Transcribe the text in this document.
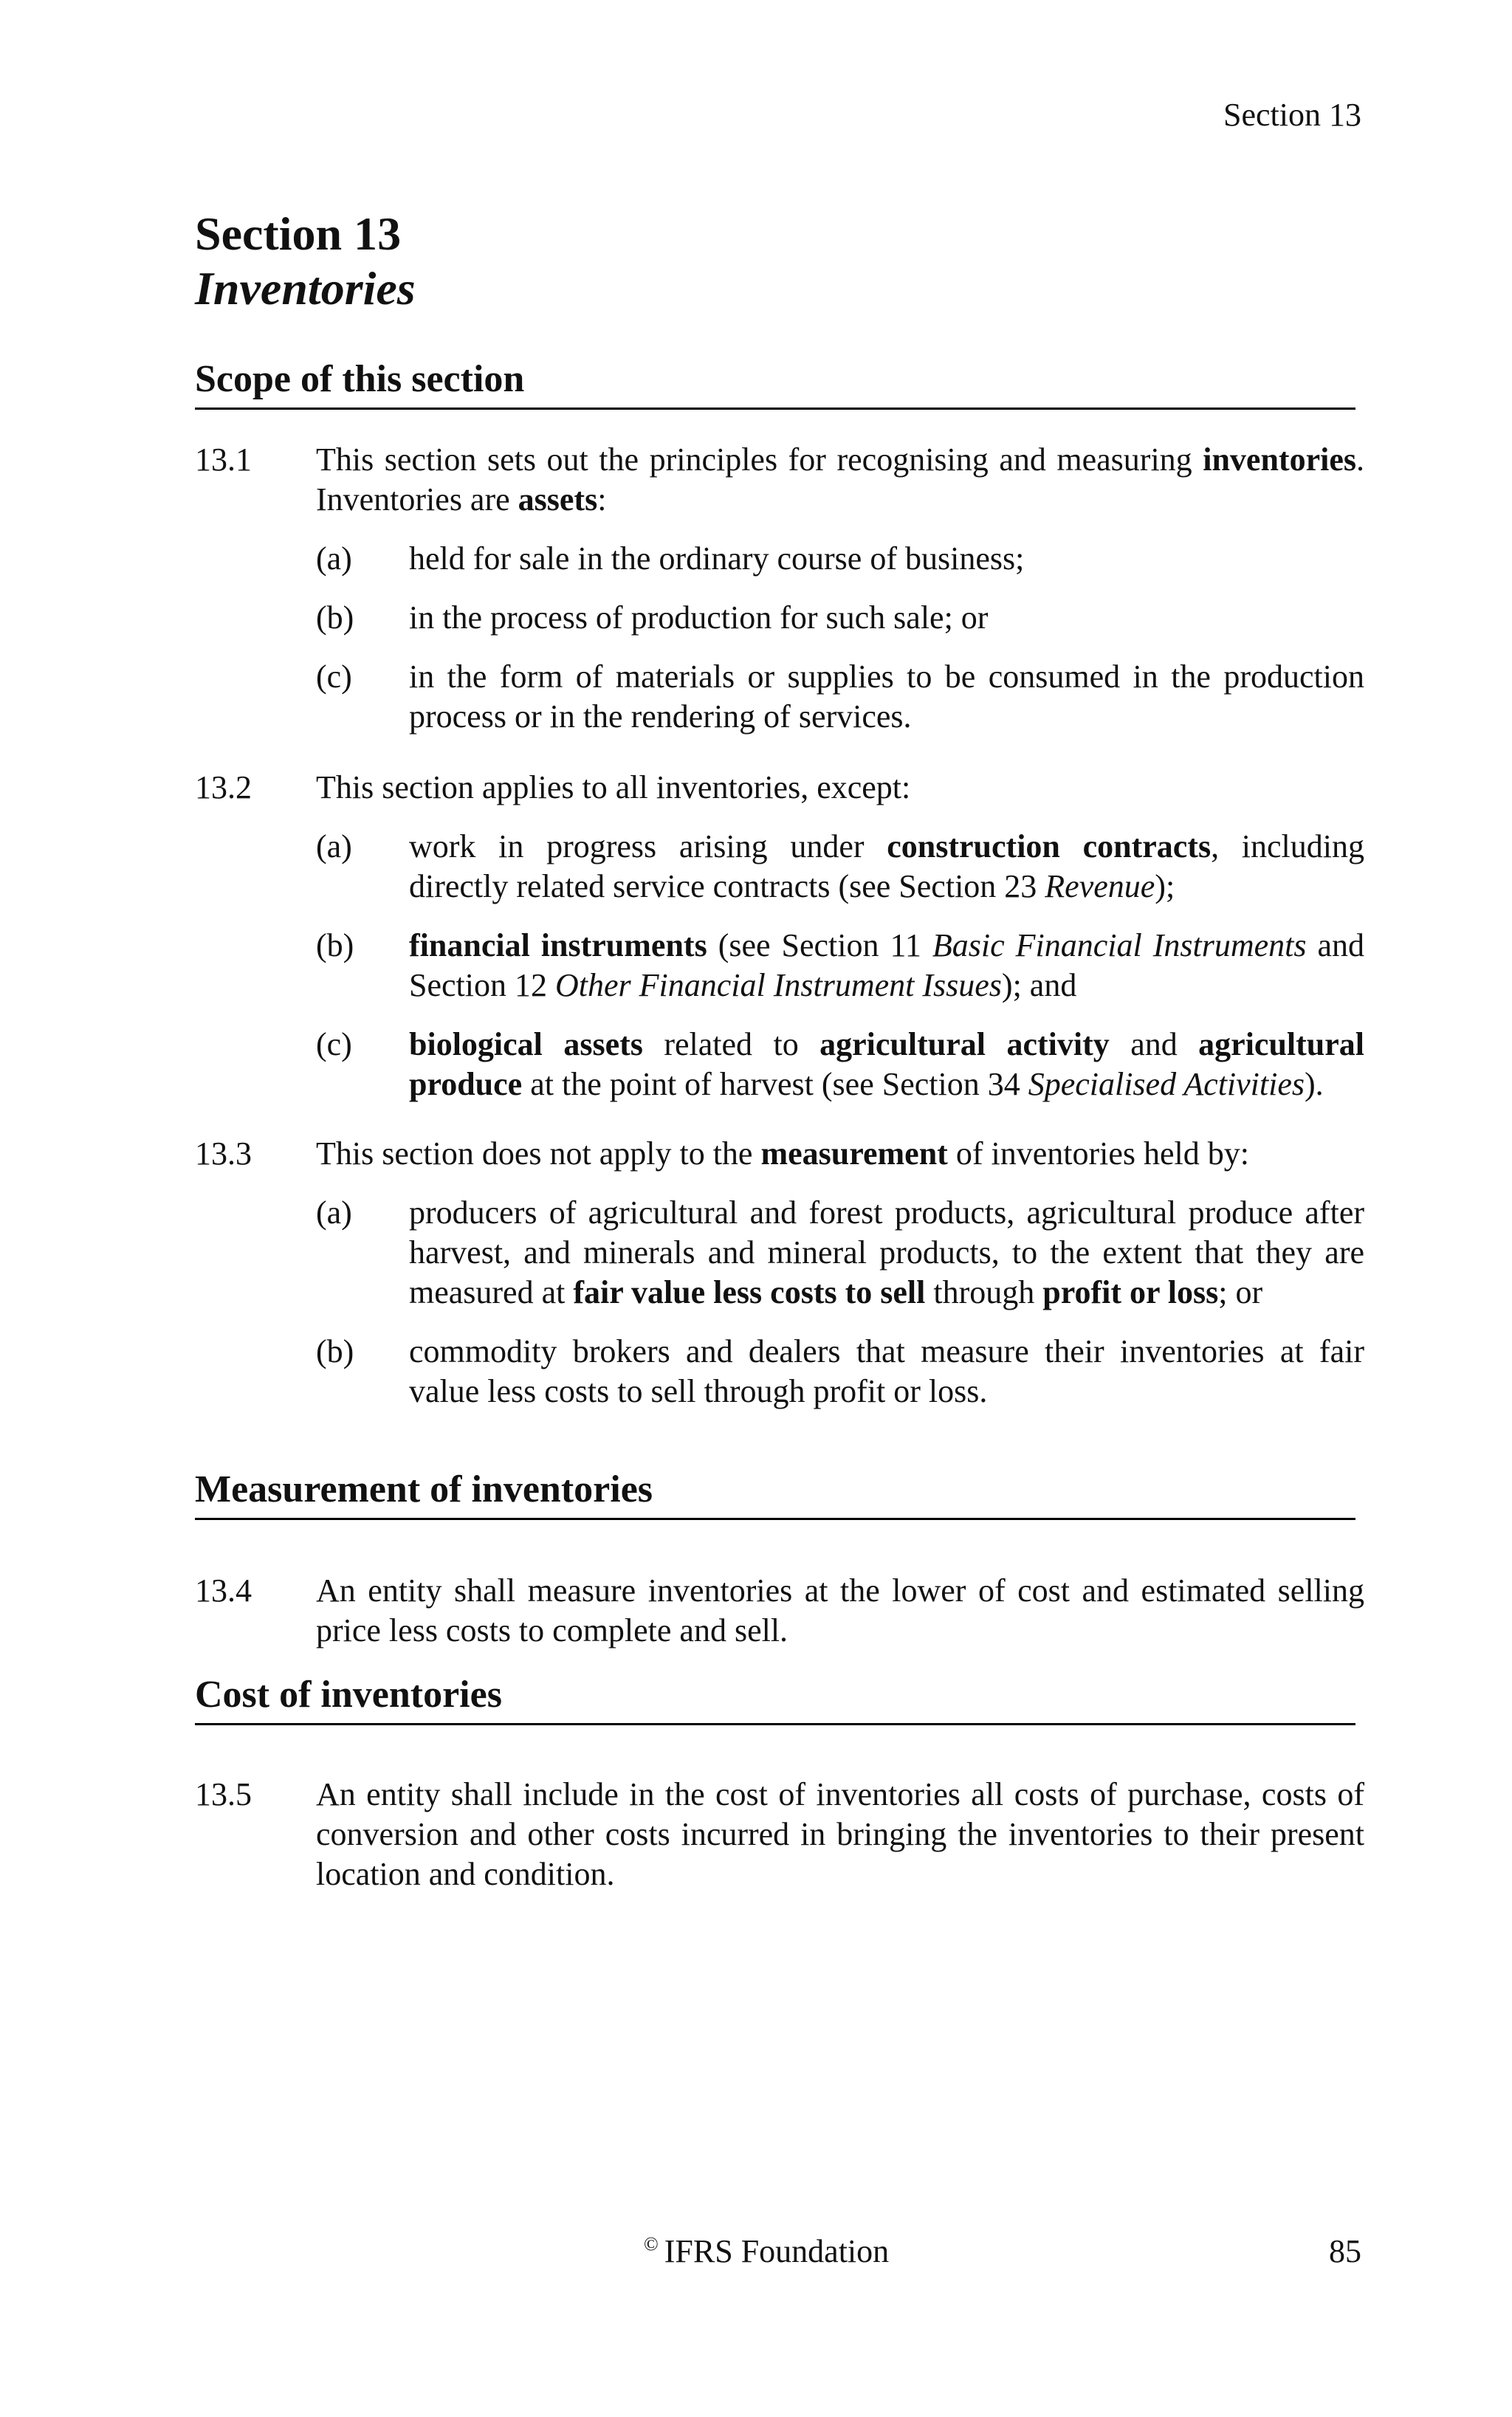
Section 13
Section 13
Inventories
Scope of this section
13.1 This section sets out the principles for recognising and measuring inventories. Inventories are assets:
(a) held for sale in the ordinary course of business;
(b) in the process of production for such sale; or
(c) in the form of materials or supplies to be consumed in the production process or in the rendering of services.
13.2 This section applies to all inventories, except:
(a) work in progress arising under construction contracts, including directly related service contracts (see Section 23 Revenue);
(b) financial instruments (see Section 11 Basic Financial Instruments and Section 12 Other Financial Instrument Issues); and
(c) biological assets related to agricultural activity and agricultural produce at the point of harvest (see Section 34 Specialised Activities).
13.3 This section does not apply to the measurement of inventories held by:
(a) producers of agricultural and forest products, agricultural produce after harvest, and minerals and mineral products, to the extent that they are measured at fair value less costs to sell through profit or loss; or
(b) commodity brokers and dealers that measure their inventories at fair value less costs to sell through profit or loss.
Measurement of inventories
13.4 An entity shall measure inventories at the lower of cost and estimated selling price less costs to complete and sell.
Cost of inventories
13.5 An entity shall include in the cost of inventories all costs of purchase, costs of conversion and other costs incurred in bringing the inventories to their present location and condition.
© IFRS Foundation	85
